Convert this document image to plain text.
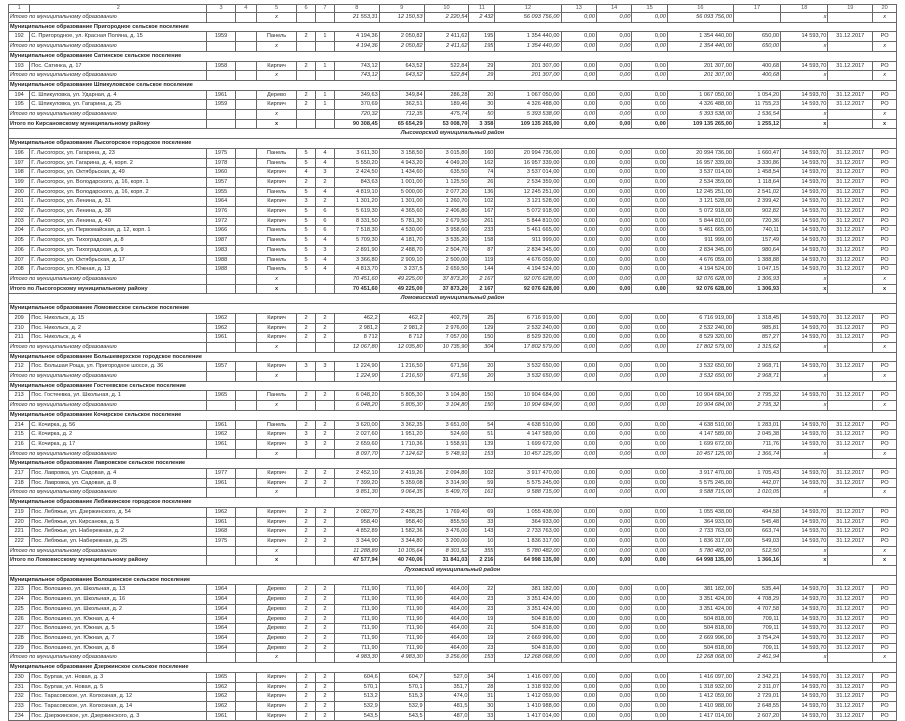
1	2	3	4	5	6	7	8	9	10	11	12	13	14	15	16	17	18	19	20
Итого по муниципальному образованию				x			21 553,31	12 150,53	2 220,54	2 432	56 093 756,00	0,00	0,00	0,00	56 093 756,00		x		x
Муниципальное образование Пригородное сельское поселение																			
192	С. Пригородное, ул. Красная Поляна, д. 15	1959		Панель	2	1	4 194,36	2 050,82	2 411,62	195	1 354 440,00	0,00	0,00	0,00	1 354 440,00	650,00	14 593,70	31.12.2017	РО
Итого по муниципальному образованию				x			4 194,36	2 050,82	2 411,62	195	1 354 440,00	0,00	0,00	0,00	1 354 440,00	650,00	x		x
Муниципальное образование Сатинское сельское поселение																			
193	Пос. Сатинка, д. 17	1958		Кирпич	2	1	743,12	643,52	522,84	29	201 307,00	0,00	0,00	0,00	201 307,00	400,68	14 593,70	31.12.2017	РО
Итого по муниципальному образованию				x			743,12	643,52	522,84	29	201 307,00	0,00	0,00	0,00	201 307,00	400,68	x		x
Муниципальное образование Шпикуловское сельское поселение																			
194	С. Шпикуловка, ул. Ударная, д. 4	1961		Дерево	2	1	349,63	349,84	286,28	20	1 067 050,00	0,00	0,00	0,00	1 067 050,00	1 054,20	14 593,70	31.12.2017	РО
195	С. Шпикуловка, ул. Гагарина, д. 25	1959		Кирпич	2	1	370,69	362,51	189,46	30	4 326 488,00	0,00	0,00	0,00	4 326 488,00	11 755,23	14 593,70	31.12.2017	РО
Итого по муниципальному образованию				x			720,32	712,35	475,74	50	5 393 538,00	0,00	0,00	0,00	5 393 538,00	1 536,54	x		x
Итого по Кирсановскому муниципальному району				x			90 308,45	65 654,29	53 008,70	3 358	109 135 265,00	0,00	0,00	0,00	109 135 265,00	1 255,12	x		x
Лысогорский муниципальный район																			
Муниципальное образование Лысогорское городское поселение																			
196	Г. Лысогорск, ул. Гагарина, д. 23	1975		Панель	5	4	3 611,30	3 158,50	3 015,80	160	20 994 736,00	0,00	0,00	0,00	20 994 736,00	1 660,47	14 593,70	31.12.2017	РО
197	Г. Лысогорск, ул. Гагарина, д. 4, корп. 2	1978		Панель	5	4	5 550,20	4 943,20	4 049,20	162	16 957 339,00	0,00	0,00	0,00	16 957 339,00	3 330,86	14 593,70	31.12.2017	РО
198	Г. Лысогорск, ул. Октябрьская, д. 49	1960		Кирпич	4	3	2 424,50	1 434,60	635,50	74	3 537 014,00	0,00	0,00	0,00	3 537 014,00	1 458,54	14 593,70	31.12.2017	РО
199	Г. Лысогорск, ул. Володарского, д. 16, корп. 1	1957		Кирпич	2	2	843,63	1 001,00	1 125,50	26	2 534 359,00	0,00	0,00	0,00	2 534 359,00	1 118,64	14 593,70	31.12.2017	РО
200	Г. Лысогорск, ул. Володарского, д. 16, корп. 2	1955		Панель	5	4	4 819,10	5 000,00	2 077,20	136	12 245 251,00	0,00	0,00	0,00	12 245 251,00	2 541,02	14 593,70	31.12.2017	РО
201	Г. Лысогорск, ул. Ленина, д. 31	1964		Кирпич	3	2	1 301,20	1 301,00	1 260,70	102	3 121 528,00	0,00	0,00	0,00	3 121 528,00	2 399,42	14 593,70	31.12.2017	РО
202	Г. Лысогорск, ул. Ленина, д. 38	1976		Кирпич	5	6	5 619,30	4 365,60	2 406,80	167	5 072 918,00	0,00	0,00	0,00	5 072 918,00	902,82	14 593,70	31.12.2017	РО
203	Г. Лысогорск, ул. Ленина, д. 40	1972		Кирпич	5	6	8 331,50	5 781,30	2 679,50	261	5 844 810,00	0,00	0,00	0,00	5 844 810,00	720,36	14 593,70	31.12.2017	РО
204	Г. Лысогорск, ул. Первомайская, д. 12, корп. 1	1966		Панель	5	6	7 518,30	4 530,00	3 958,60	233	5 461 665,00	0,00	0,00	0,00	5 461 665,00	740,11	14 593,70	31.12.2017	РО
205	Г. Лысогорск, ул. Тихоградская, д. 8	1987		Панель	5	4	5 709,30	4 181,70	3 535,20	158	911 999,00	0,00	0,00	0,00	911 999,00	157,49	14 593,70	31.12.2017	РО
206	Г. Лысогорск, ул. Тихоградская, д. 9	1983		Панель	5	3	2 891,90	2 488,70	2 504,70	87	2 834 345,00	0,00	0,00	0,00	2 834 345,00	980,64	14 593,70	31.12.2017	РО
207	Г. Лысогорск, ул. Октябрьская, д. 17	1988		Панель	5	4	3 366,80	2 909,10	2 500,00	119	4 676 059,00	0,00	0,00	0,00	4 676 059,00	1 388,88	14 593,70	31.12.2017	РО
208	Г. Лысогорск, ул. Южная, д. 13	1988		Панель	5	4	4 813,70	3 237,5	2 659,50	144	4 194 524,00	0,00	0,00	0,00	4 194 524,00	1 047,15	14 593,70	31.12.2017	РО
Итого по муниципальному образованию				x			70 451,60	49 225,00	37 873,20	2 167	92 076 628,00	0,00	0,00	0,00	92 076 628,00	1 306,93	x		x
Итого по Лысогорскому муниципальному району				x			70 451,60	49 225,00	37 873,20	2 167	92 076 628,00	0,00	0,00	0,00	92 076 628,00	1 306,93	x		x
Ломовисский муниципальный район																			
Муниципальное образование Ломовисское сельское поселение																			
209	Пос. Никольск, д. 15	1962		Кирпич	2	2	462,2	462,2	402,79	25	6 716 919,00	0,00	0,00	0,00	6 716 919,00	1 318,45	14 593,70	31.12.2017	РО
210	Пос. Никольск, д. 2	1962		Кирпич	2	2	2 981,2	2 981,2	2 976,00	129	2 532 240,00	0,00	0,00	0,00	2 532 240,00	985,81	14 593,70	31.12.2017	РО
211	Пос. Никольск, д. 4	1961		Кирпич	2	2	8 712	8 712	7 057,00	150	8 529 320,00	0,00	0,00	0,00	8 529 320,00	857,27	14 593,70	31.12.2017	РО
Итого по муниципальному образованию				x			12 067,80	12 035,80	10 735,90	304	17 802 579,00	0,00	0,00	0,00	17 802 579,00	1 315,62	x		x
Муниципальное образование Большеверхское городское поселение																			
212	Пос. Большая Роща, ул. Пригородное шоссе, д. 36	1957		Кирпич	3	3	1 224,90	1 216,50	671,56	20	3 532 650,00	0,00	0,00	0,00	3 532 650,00	2 968,71	14 593,70	31.12.2017	РО
Итого по муниципальному образованию				x			1 224,90	1 216,50	671,56	20	3 532 650,00	0,00	0,00	0,00	3 532 650,00	2 968,71	x		x
Муниципальное образование Гостеевское сельское поселение																			
213	Пос. Гостеевка, ул. Школьная, д. 1	1965		Панель	2	2	6 048,20	5 805,30	3 104,80	150	10 904 684,00	0,00	0,00	0,00	10 904 684,00	2 795,32	14 593,70	31.12.2017	РО
Итого по муниципальному образованию				x			6 048,20	5 805,30	3 104,80	150	10 904 684,00	0,00	0,00	0,00	10 904 684,00	2 795,32	x		x
Муниципальное образование Кочирское сельское поселение																			
214	С. Кочирка, д. 56	1961		Панель	2	2	3 620,00	3 362,35	3 651,00	54	4 638 510,00	0,00	0,00	0,00	4 638 510,00	1 283,01	14 593,70	31.12.2017	РО
215	С. Кочирка, д. 2	1962		Кирпич	3	2	2 027,60	1 951,20	524,60	51	4 147 589,00	0,00	0,00	0,00	4 147 589,00	2 045,38	14 593,70	31.12.2017	РО
216	С. Кочирка, д. 17	1961		Кирпич	3	2	2 659,60	1 710,36	1 558,91	139	1 699 672,00	0,00	0,00	0,00	1 699 672,00	711,76	14 593,70	31.12.2017	РО
Итого по муниципальному образованию				x			8 097,70	7 124,62	5 748,91	153	10 457 125,00	0,00	0,00	0,00	10 457 125,00	1 366,74	x		x
Муниципальное образование Лавровское сельское поселение																			
217	Пос. Лавровка, ул. Садовая, д. 4	1977		Кирпич	2	2	2 452,10	2 419,26	2 094,80	102	3 917 470,00	0,00	0,00	0,00	3 917 470,00	1 705,43	14 593,70	31.12.2017	РО
218	Пос. Лавровка, ул. Садовая, д. 8	1961		Кирпич	2	2	7 399,20	5 359,08	3 314,90	59	5 575 245,00	0,00	0,00	0,00	5 575 245,00	442,07	14 593,70	31.12.2017	РО
Итого по муниципальному образованию				x			9 851,30	9 064,35	5 409,70	161	9 588 715,00	0,00	0,00	0,00	9 588 715,00	1 010,05	x		x
Муниципальное образование Лебяжинское городское поселение																			
219	Пос. Лебяжье, ул. Дзержинского, д. 54	1962		Кирпич	2	2	2 082,70	2 438,25	1 769,40	69	1 055 438,00	0,00	0,00	0,00	1 055 438,00	494,58	14 593,70	31.12.2017	РО
220	Пос. Лебяжье, ул. Кирсанова, д. 5	1961		Кирпич	2	2	958,40	958,40	855,50	33	364 933,00	0,00	0,00	0,00	364 933,00	545,48	14 593,70	31.12.2017	РО
221	Пос. Лебяжье, ул. Набережная, д. 2	1968		Кирпич	2	2	4 852,89	1 582,36	3 476,00	143	2 733 763,00	0,00	0,00	0,00	2 733 763,00	663,74	14 593,70	31.12.2017	РО
222	Пос. Лебяжье, ул. Набережная, д. 25	1975		Кирпич	2	2	3 344,90	3 344,80	3 200,00	10	1 836 317,00	0,00	0,00	0,00	1 836 317,00	549,03	14 593,70	31.12.2017	РО
Итого по муниципальному образованию				x			11 288,89	10 105,64	8 301,52	355	5 780 482,00	0,00	0,00	0,00	5 780 482,00	512,50	x		x
Итого по Ломовисскому муниципальному району				x			47 577,94	40 740,06	31 841,03	2 216	64 998 135,00	0,00	0,00	0,00	64 998 135,00	1 366,16	x		x
Луховский муниципальный район																			
Муниципальное образование Волошинское сельское поселение																			
223	Пос. Волошино, ул. Школьная, д. 13	1964		Дерево	2	2	711,90	711,90	464,00	22	381 182,00	0,00	0,00	0,00	381 182,00	535,44	14 593,70	31.12.2017	РО
224	Пос. Волошино, ул. Школьная, д. 16	1964		Дерево	2	2	711,90	711,90	464,00	23	3 351 424,00	0,00	0,00	0,00	3 351 424,00	4 708,29	14 593,70	31.12.2017	РО
225	Пос. Волошино, ул. Школьная, д. 2	1964		Дерево	2	2	711,90	711,90	464,00	23	3 351 424,00	0,00	0,00	0,00	3 351 424,00	4 707,58	14 593,70	31.12.2017	РО
226	Пос. Волошино, ул. Южная, д. 4	1964		Дерево	2	2	711,90	711,90	464,00	19	504 818,00	0,00	0,00	0,00	504 818,00	709,11	14 593,70	31.12.2017	РО
227	Пос. Волошино, ул. Южная, д. 5	1964		Дерево	2	2	711,90	711,90	464,00	21	504 818,00	0,00	0,00	0,00	504 818,00	709,11	14 593,70	31.12.2017	РО
228	Пос. Волошино, ул. Южная, д. 7	1964		Дерево	2	2	711,90	711,90	464,00	19	2 669 996,00	0,00	0,00	0,00	2 669 996,00	3 754,24	14 593,70	31.12.2017	РО
229	Пос. Волошино, ул. Южная, д. 8	1964		Дерево	2	2	711,90	711,90	464,00	23	504 818,00	0,00	0,00	0,00	504 818,00	709,11	14 593,70	31.12.2017	РО
Итого по муниципальному образованию				x			4 983,30	4 983,30	3 256,00	153	12 268 068,00	0,00	0,00	0,00	12 268 068,00	2 461,94	x		x
Муниципальное образование Дзержинское сельское поселение																			
230	Пос. Бурлак, ул. Новая, д. 3	1965		Кирпич	2	2	604,6	604,7	527,0	34	1 416 097,00	0,00	0,00	0,00	1 416 097,00	2 342,21	14 593,70	31.12.2017	РО
231	Пос. Бурлак, ул. Новая, д. 5	1962		Кирпич	2	2	570,1	570,1	351,7	28	1 318 932,00	0,00	0,00	0,00	1 318 932,00	2 311,07	14 593,70	31.12.2017	РО
232	Пос. Тарасовское, ул. Колхозная, д. 12	1962		Кирпич	2	2	513,2	515,3	474,0	31	1 412 059,00	0,00	0,00	0,00	1 412 059,00	2 729,01	14 593,70	31.12.2017	РО
233	Пос. Тарасовское, ул. Колхозная, д. 14	1962		Кирпич	2	2	532,9	532,9	481,5	30	1 410 988,00	0,00	0,00	0,00	1 410 988,00	2 648,55	14 593,70	31.12.2017	РО
234	Пос. Дзержинское, ул. Дзержинского, д. 3	1961		Кирпич	2	2	543,5	543,5	487,0	33	1 417 014,00	0,00	0,00	0,00	1 417 014,00	2 607,20	14 593,70	31.12.2017	РО
